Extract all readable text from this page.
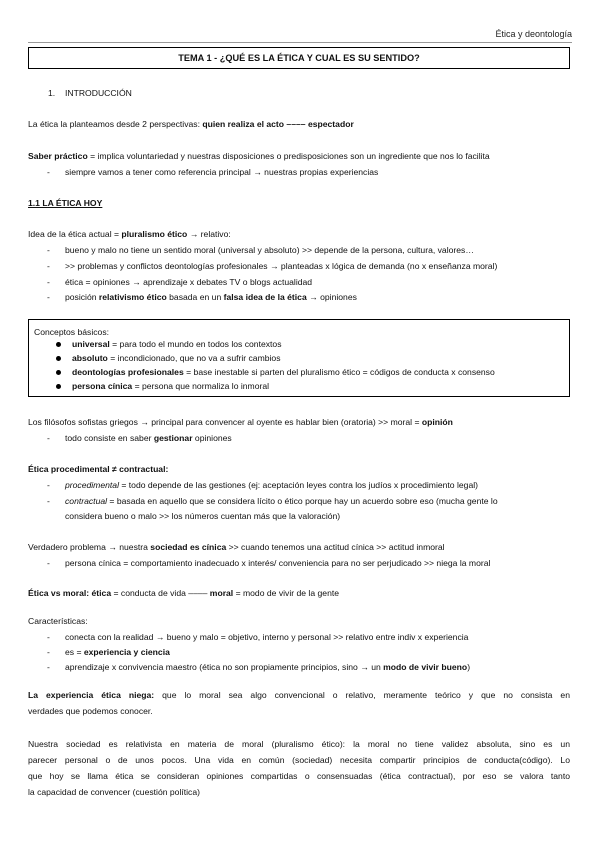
Ética y deontología
TEMA 1 - ¿QUÉ ES LA ÉTICA Y CUAL ES SU SENTIDO?
1. INTRODUCCIÓN
La ética la planteamos desde 2 perspectivas: quien realiza el acto –––– espectador
Saber práctico = implica voluntariedad y nuestras disposiciones o predisposiciones son un ingrediente que nos lo facilita
- siempre vamos a tener como referencia principal → nuestras propias experiencias
1.1 LA ÉTICA HOY
Idea de la ética actual = pluralismo ético → relativo:
- bueno y malo no tiene un sentido moral (universal y absoluto) >> depende de la persona, cultura, valores…
- >> problemas y conflictos deontologías profesionales → planteadas x lógica de demanda (no x enseñanza moral)
- ética = opiniones → aprendizaje x debates TV o blogs actualidad
- posición relativismo ético basada en un falsa idea de la ética → opiniones
Conceptos básicos:
universal = para todo el mundo en todos los contextos
absoluto = incondicionado, que no va a sufrir cambios
deontologías profesionales = base inestable si parten del pluralismo ético = códigos de conducta x consenso
persona cínica = persona que normaliza lo inmoral
Los filósofos sofistas griegos → principal para convencer al oyente es hablar bien (oratoria) >> moral = opinión
- todo consiste en saber gestionar opiniones
Ética procedimental ≠ contractual:
- procedimental = todo depende de las gestiones (ej: aceptación leyes contra los judíos x procedimiento legal)
- contractual = basada en aquello que se considera lícito o ético porque hay un acuerdo sobre eso (mucha gente lo
considera bueno o malo >> los números cuentan más que la valoración)
Verdadero problema → nuestra sociedad es cínica >> cuando tenemos una actitud cínica >> actitud inmoral
- persona cínica = comportamiento inadecuado x interés/ conveniencia para no ser perjudicado >> niega la moral
Ética vs moral: ética = conducta de vida –––– moral = modo de vivir de la gente
Características:
- conecta con la realidad → bueno y malo = objetivo, interno y personal >> relativo entre indiv x experiencia
- es = experiencia y ciencia
- aprendizaje x convivencia maestro (ética no son propiamente principios, sino → un modo de vivir bueno)
La experiencia ética niega: que lo moral sea algo convencional o relativo, meramente teórico y que no consista en
verdades que podemos conocer.
Nuestra sociedad es relativista en materia de moral (pluralismo ético): la moral no tiene validez absoluta, sino es un
parecer personal o de unos pocos. Una vida en común (sociedad) necesita compartir principios de conducta(código). Lo
que hoy se llama ética se consideran opiniones compartidas o consensuadas (ética contractual), por eso se valora tanto
la capacidad de convencer (cuestión política)
